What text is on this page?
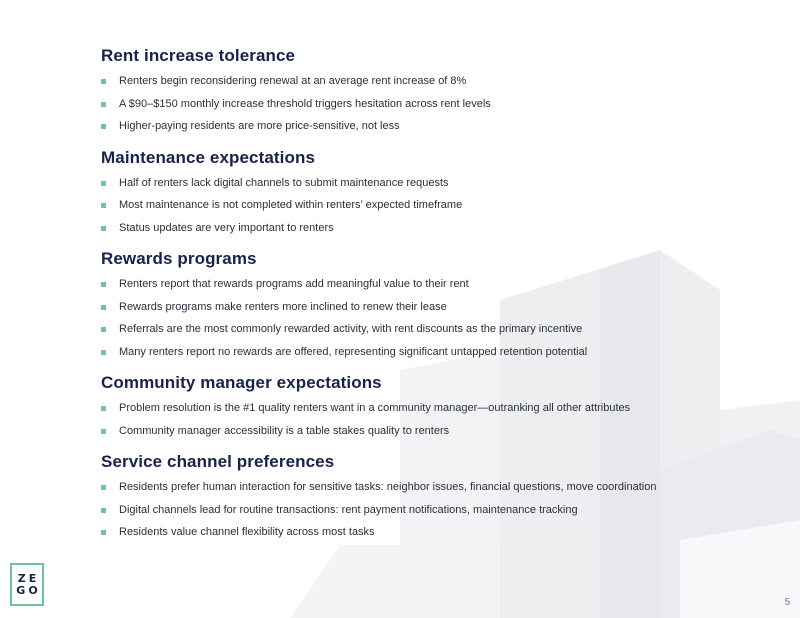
Rent increase tolerance
Renters begin reconsidering renewal at an average rent increase of 8%
A $90–$150 monthly increase threshold triggers hesitation across rent levels
Higher-paying residents are more price-sensitive, not less
Maintenance expectations
Half of renters lack digital channels to submit maintenance requests
Most maintenance is not completed within renters’ expected timeframe
Status updates are very important to renters
Rewards programs
Renters report that rewards programs add meaningful value to their rent
Rewards programs make renters more inclined to renew their lease
Referrals are the most commonly rewarded activity, with rent discounts as the primary incentive
Many renters report no rewards are offered, representing significant untapped retention potential
Community manager expectations
Problem resolution is the #1 quality renters want in a community manager—outranking all other attributes
Community manager accessibility is a table stakes quality to renters
Service channel preferences
Residents prefer human interaction for sensitive tasks: neighbor issues, financial questions, move coordination
Digital channels lead for routine transactions: rent payment notifications, maintenance tracking
Residents value channel flexibility across most tasks
ZE
GO
5
